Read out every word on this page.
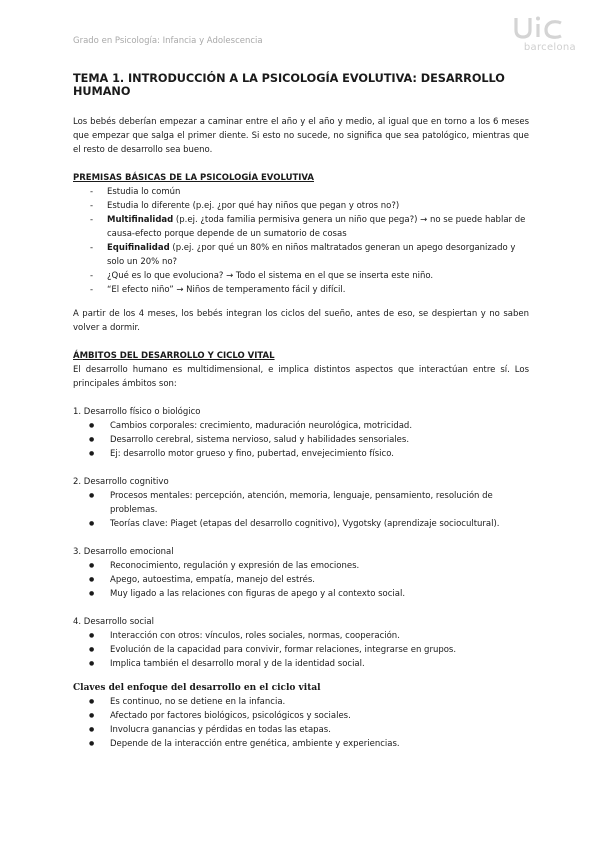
Grado en Psicología: Infancia y Adolescencia
barcelona
TEMA 1. INTRODUCCIÓN A LA PSICOLOGÍA EVOLUTIVA: DESARROLLO HUMANO

Los bebés deberían empezar a caminar entre el año y el año y medio, al igual que en torno a los 6 meses que empezar que salga el primer diente. Si esto no sucede, no significa que sea patológico, mientras que el resto de desarrollo sea bueno.

PREMISAS BÁSICAS DE LA PSICOLOGÍA EVOLUTIVA
- Estudia lo común
- Estudia lo diferente (p.ej. ¿por qué hay niños que pegan y otros no?)
- Multifinalidad (p.ej. ¿toda familia permisiva genera un niño que pega?) → no se puede hablar de causa-efecto porque depende de un sumatorio de cosas
- Equifinalidad (p.ej. ¿por qué un 80% en niños maltratados generan un apego desorganizado y solo un 20% no?
- ¿Qué es lo que evoluciona? → Todo el sistema en el que se inserta este niño.
- “El efecto niño” → Niños de temperamento fácil y difícil.

A partir de los 4 meses, los bebés integran los ciclos del sueño, antes de eso, se despiertan y no saben volver a dormir.

ÁMBITOS DEL DESARROLLO Y CICLO VITAL

El desarrollo humano es multidimensional, e implica distintos aspectos que interactúan entre sí. Los principales ámbitos son:

1. Desarrollo físico o biológico
● Cambios corporales: crecimiento, maduración neurológica, motricidad.
● Desarrollo cerebral, sistema nervioso, salud y habilidades sensoriales.
● Ej: desarrollo motor grueso y fino, pubertad, envejecimiento físico.
2. Desarrollo cognitivo
● Procesos mentales: percepción, atención, memoria, lenguaje, pensamiento, resolución de problemas.
● Teorías clave: Piaget (etapas del desarrollo cognitivo), Vygotsky (aprendizaje sociocultural).
3. Desarrollo emocional
● Reconocimiento, regulación y expresión de las emociones.
● Apego, autoestima, empatía, manejo del estrés.
● Muy ligado a las relaciones con figuras de apego y al contexto social.
4. Desarrollo social
● Interacción con otros: vínculos, roles sociales, normas, cooperación.
● Evolución de la capacidad para convivir, formar relaciones, integrarse en grupos.
● Implica también el desarrollo moral y de la identidad social.
Claves del enfoque del desarrollo en el ciclo vital
● Es continuo, no se detiene en la infancia.
● Afectado por factores biológicos, psicológicos y sociales.
● Involucra ganancias y pérdidas en todas las etapas.
● Depende de la interacción entre genética, ambiente y experiencias.
